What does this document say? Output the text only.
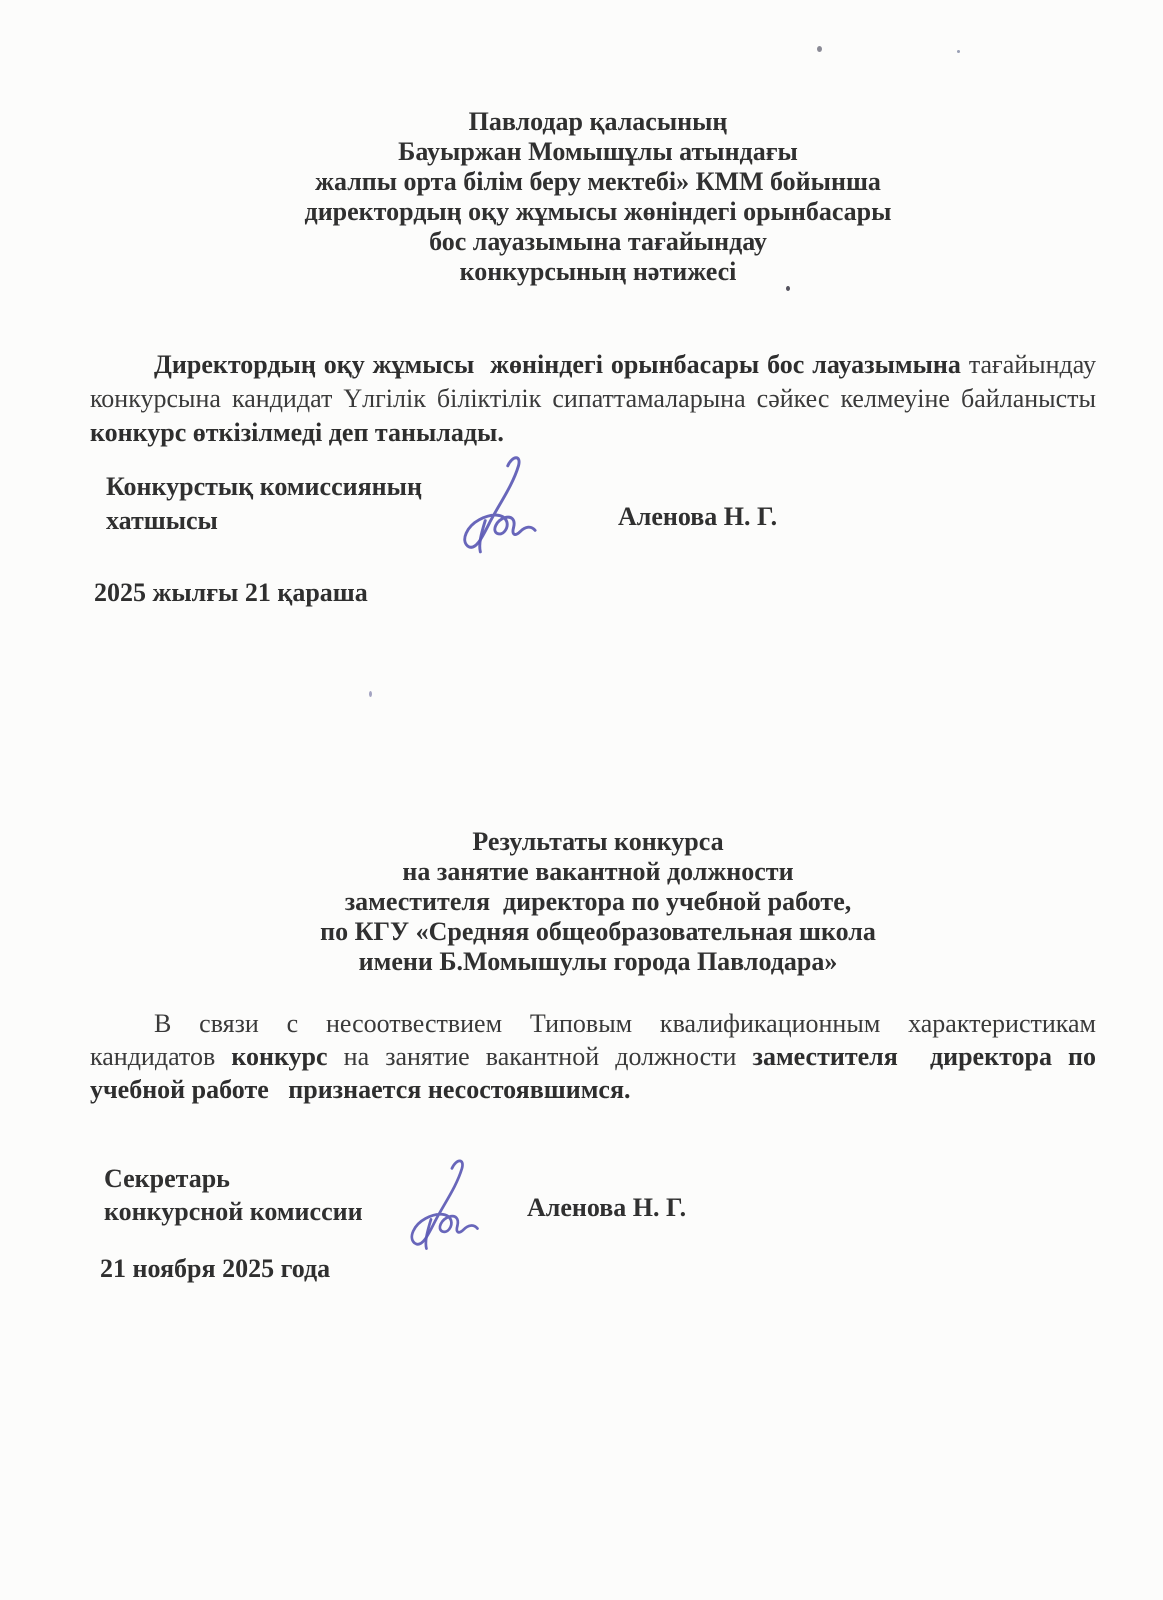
Павлодар қаласының
Бауыржан Момышұлы атындағы
жалпы орта білім беру мектебі» КММ бойынша
директордың оқу жұмысы жөніндегі орынбасары
бос лауазымына тағайындау
конкурсының нәтижесі
Директордың оқу жұмысы  жөніндегі орынбасары бос лауазымына тағайындау
конкурсына кандидат Үлгілік біліктілік сипаттамаларына сәйкес келмеуіне байланысты
конкурс өткізілмеді деп танылады.
Конкурстық комиссияның
хатшысы	Аленова Н. Г.
2025 жылғы 21 қараша
Результаты конкурса
на занятие вакантной должности
заместителя  директора по учебной работе,
по КГУ «Средняя общеобразовательная школа
имени Б.Момышулы города Павлодара»
В связи с несоотвествием Типовым квалификационным характеристикам
кандидатов конкурс на занятие вакантной должности заместителя  директора по
учебной работе   признается несостоявшимся.
Секретарь
конкурсной комиссии	Аленова Н. Г.
21 ноября 2025 года
